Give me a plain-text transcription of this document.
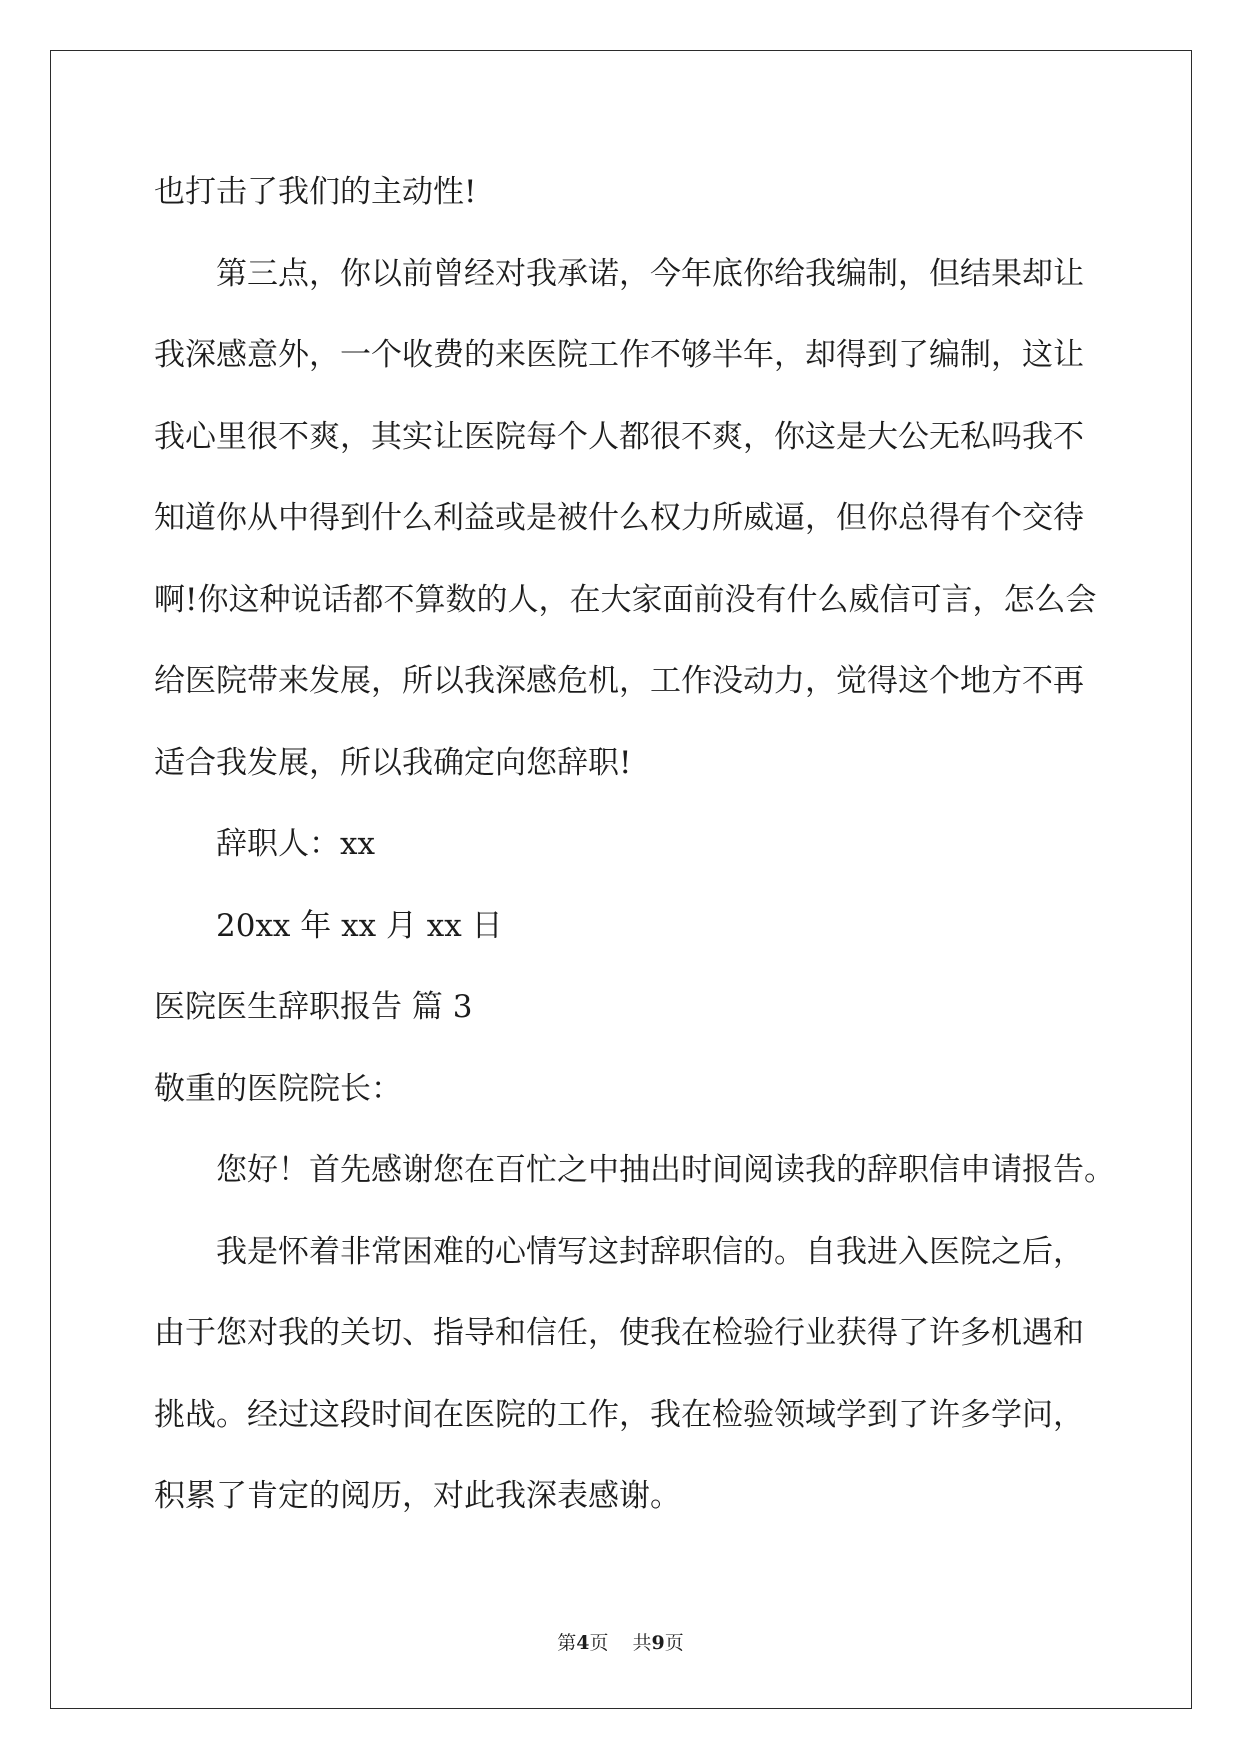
也打击了我们的主动性!
第三点，你以前曾经对我承诺，今年底你给我编制，但结果却让
我深感意外，一个收费的来医院工作不够半年，却得到了编制，这让
我心里很不爽，其实让医院每个人都很不爽，你这是大公无私吗我不
知道你从中得到什么利益或是被什么权力所威逼，但你总得有个交待
啊!你这种说话都不算数的人，在大家面前没有什么威信可言，怎么会
给医院带来发展，所以我深感危机，工作没动力，觉得这个地方不再
适合我发展，所以我确定向您辞职!
辞职人：xx
20xx 年 xx 月 xx 日
医院医生辞职报告 篇 3
敬重的医院院长：
您好！首先感谢您在百忙之中抽出时间阅读我的辞职信申请报告。
我是怀着非常困难的心情写这封辞职信的。自我进入医院之后，
由于您对我的关切、指导和信任，使我在检验行业获得了许多机遇和
挑战。经过这段时间在医院的工作，我在检验领域学到了许多学问，
积累了肯定的阅历，对此我深表感谢。
第4页 共9页
